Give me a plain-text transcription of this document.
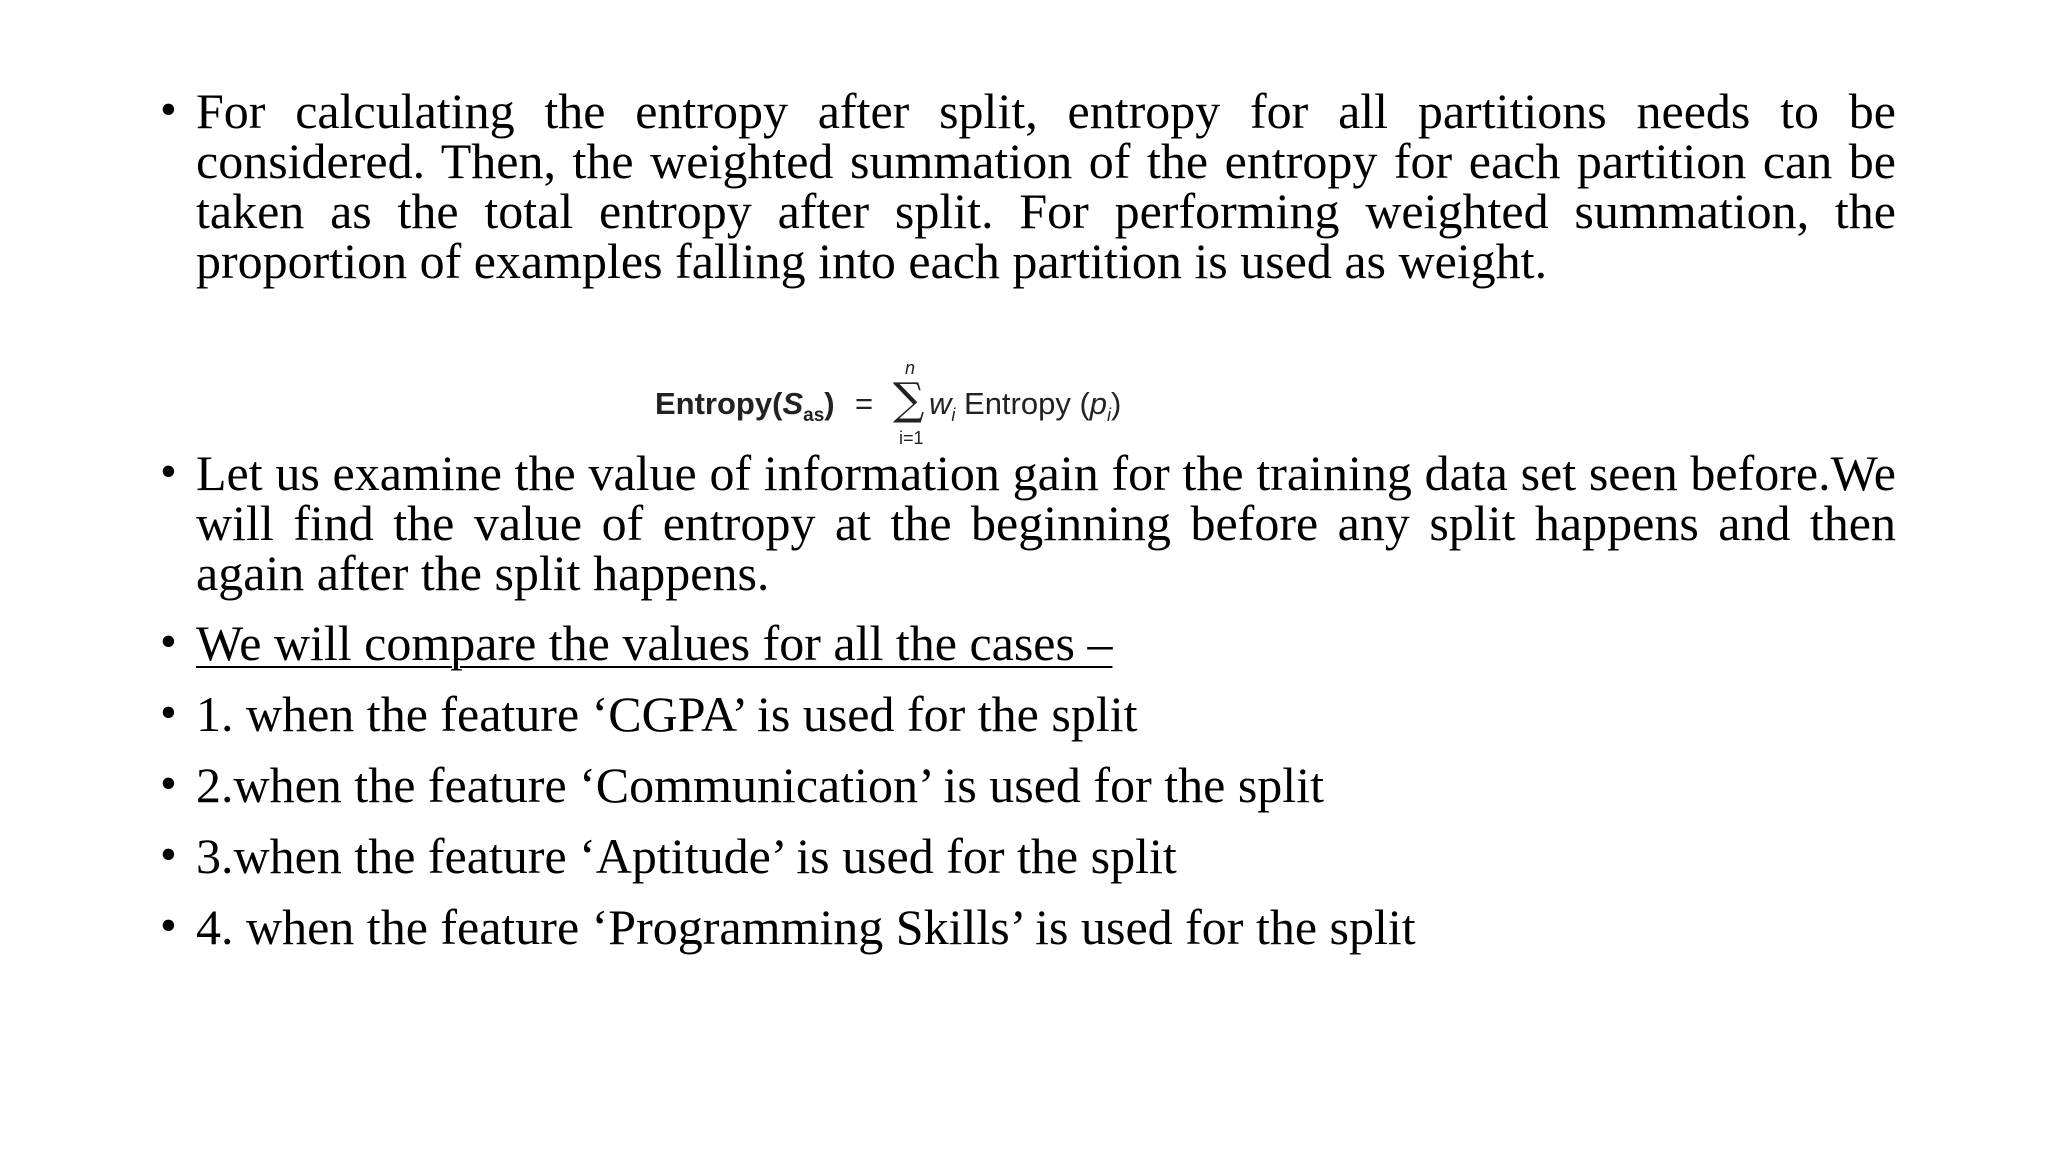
• For calculating the entropy after split, entropy for all partitions needs to be considered. Then, the weighted summation of the entropy for each partition can be taken as the total entropy after split. For performing weighted summation, the proportion of examples falling into each partition is used as weight.
$Entropy(S_{as})$ =
n
∑
i=1
$w_i$ Entropy $(p_i)$
• Let us examine the value of information gain for the training data set seen before.We will find the value of entropy at the beginning before any split happens and then again after the split happens.
• We will compare the values for all the cases –
• 1. when the feature ‘CGPA’ is used for the split
• 2.when the feature ‘Communication’ is used for the split
• 3.when the feature ‘Aptitude’ is used for the split
• 4. when the feature ‘Programming Skills’ is used for the split
